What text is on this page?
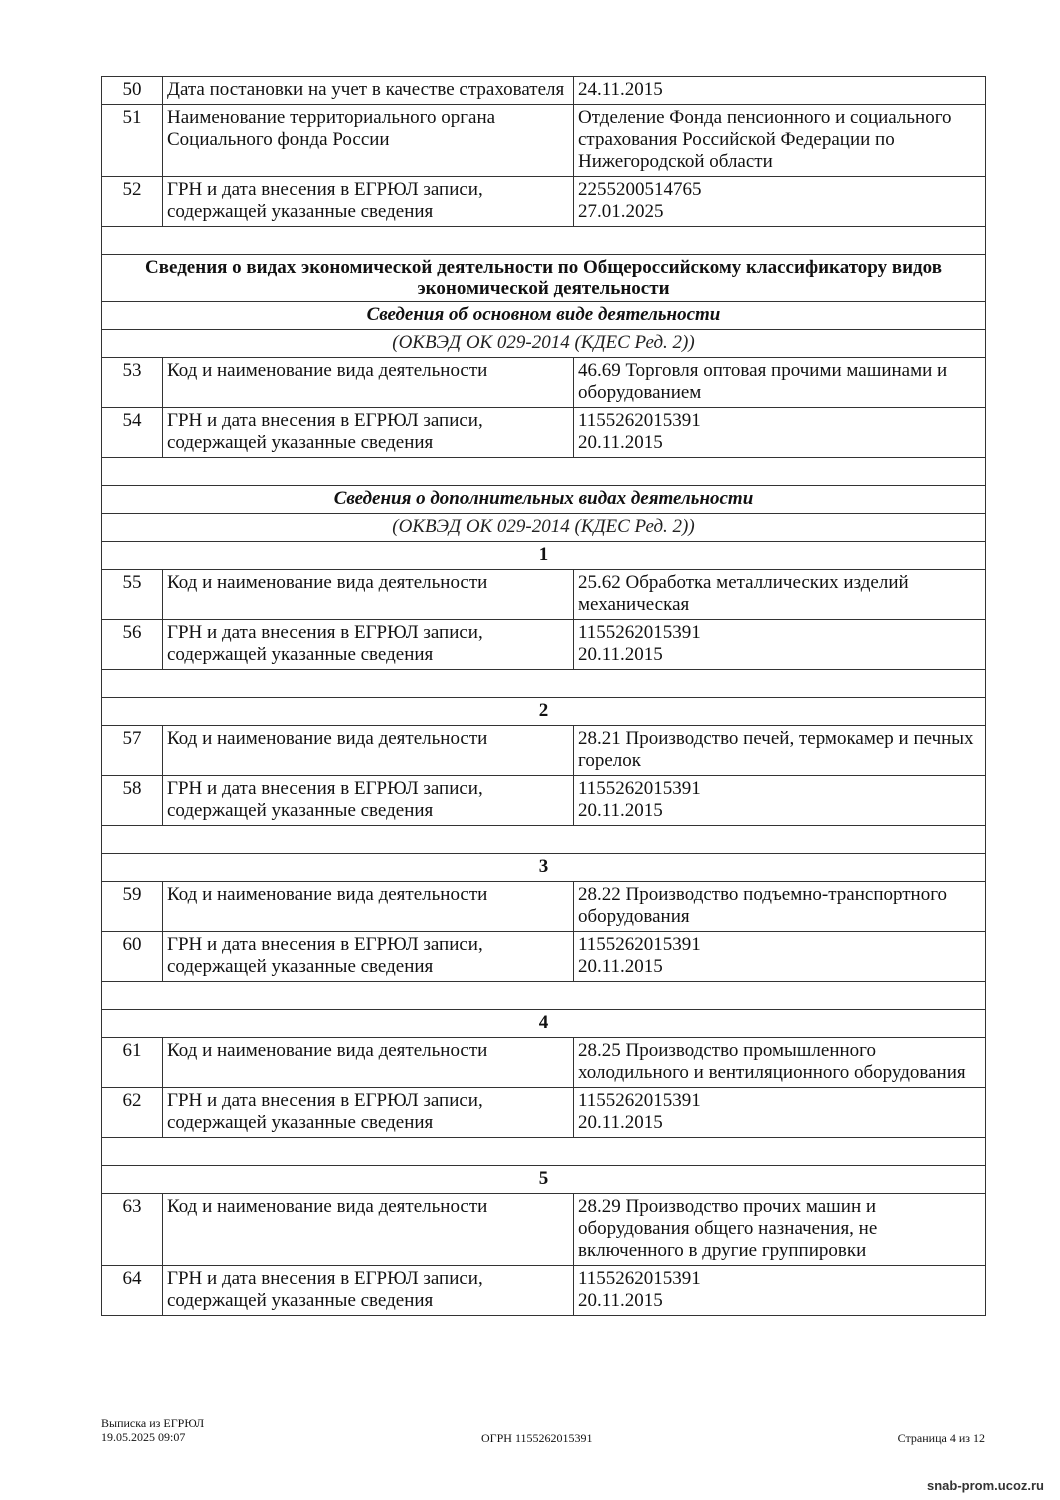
50	Дата постановки на учет в качестве страхователя	24.11.2015
51	Наименование территориального органа Социального фонда России	Отделение Фонда пенсионного и социального страхования Российской Федерации по Нижегородской области
52	ГРН и дата внесения в ЕГРЮЛ записи, содержащей указанные сведения	2255200514765
27.01.2025

Сведения о видах экономической деятельности по Общероссийскому классификатору видов экономической деятельности		
Сведения об основном виде деятельности		
(ОКВЭД ОК 029-2014 (КДЕС Ред. 2))		
53	Код и наименование вида деятельности	46.69 Торговля оптовая прочими машинами и оборудованием
54	ГРН и дата внесения в ЕГРЮЛ записи, содержащей указанные сведения	1155262015391
20.11.2015

Сведения о дополнительных видах деятельности		
(ОКВЭД ОК 029-2014 (КДЕС Ред. 2))		
1		
55	Код и наименование вида деятельности	25.62 Обработка металлических изделий механическая
56	ГРН и дата внесения в ЕГРЮЛ записи, содержащей указанные сведения	1155262015391
20.11.2015

2		
57	Код и наименование вида деятельности	28.21 Производство печей, термокамер и печных горелок
58	ГРН и дата внесения в ЕГРЮЛ записи, содержащей указанные сведения	1155262015391
20.11.2015

3		
59	Код и наименование вида деятельности	28.22 Производство подъемно-транспортного оборудования
60	ГРН и дата внесения в ЕГРЮЛ записи, содержащей указанные сведения	1155262015391
20.11.2015

4		
61	Код и наименование вида деятельности	28.25 Производство промышленного холодильного и вентиляционного оборудования
62	ГРН и дата внесения в ЕГРЮЛ записи, содержащей указанные сведения	1155262015391
20.11.2015

5		
63	Код и наименование вида деятельности	28.29 Производство прочих машин и оборудования общего назначения, не включенного в другие группировки
64	ГРН и дата внесения в ЕГРЮЛ записи, содержащей указанные сведения	1155262015391
20.11.2015
Выписка из ЕГРЮЛ
19.05.2025 09:07	ОГРН 1155262015391	Страница 4 из 12
snab-prom.ucoz.ru
